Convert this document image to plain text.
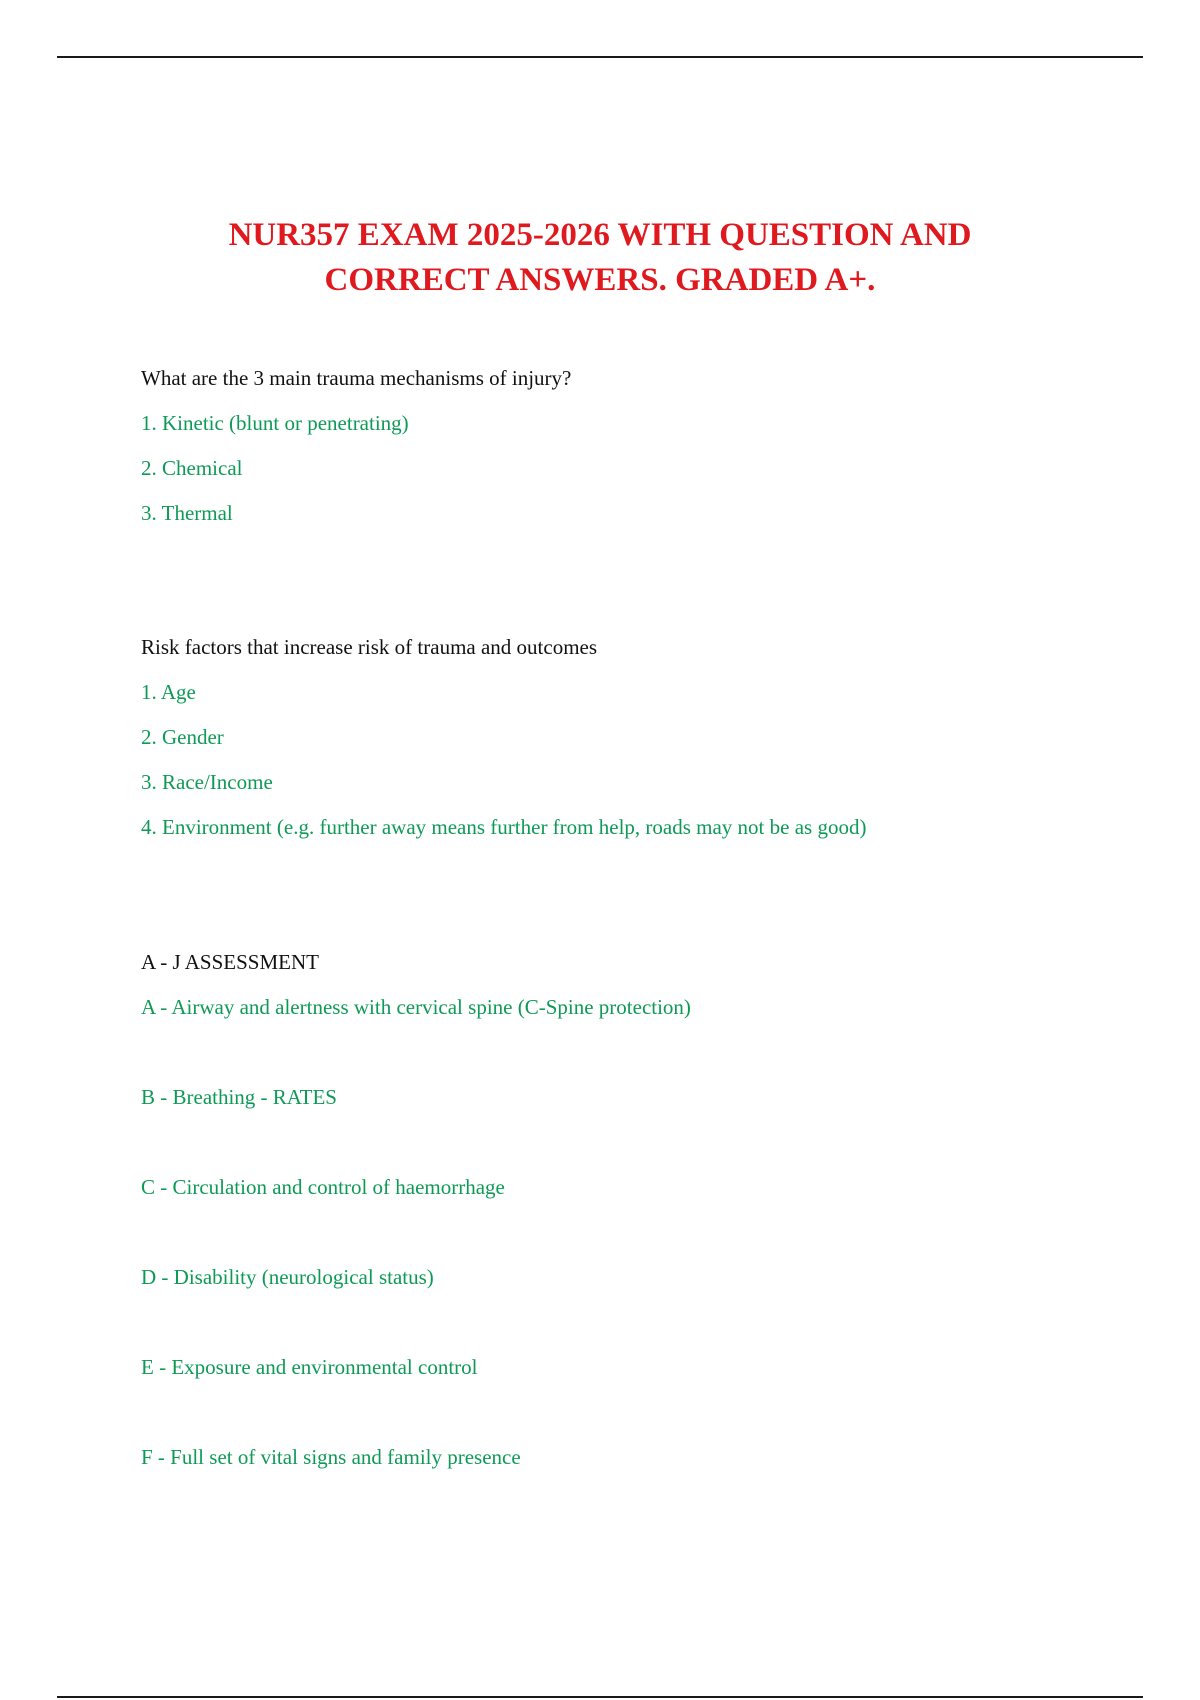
NUR357 EXAM 2025-2026 WITH QUESTION AND
CORRECT ANSWERS. GRADED A+.

What are the 3 main trauma mechanisms of injury?

1. Kinetic (blunt or penetrating)

2. Chemical

3. Thermal

Risk factors that increase risk of trauma and outcomes

1. Age

2. Gender

3. Race/Income

4. Environment (e.g. further away means further from help, roads may not be as good)

A - J ASSESSMENT

A - Airway and alertness with cervical spine (C-Spine protection)

B - Breathing - RATES

C - Circulation and control of haemorrhage

D - Disability (neurological status)

E - Exposure and environmental control

F - Full set of vital signs and family presence
